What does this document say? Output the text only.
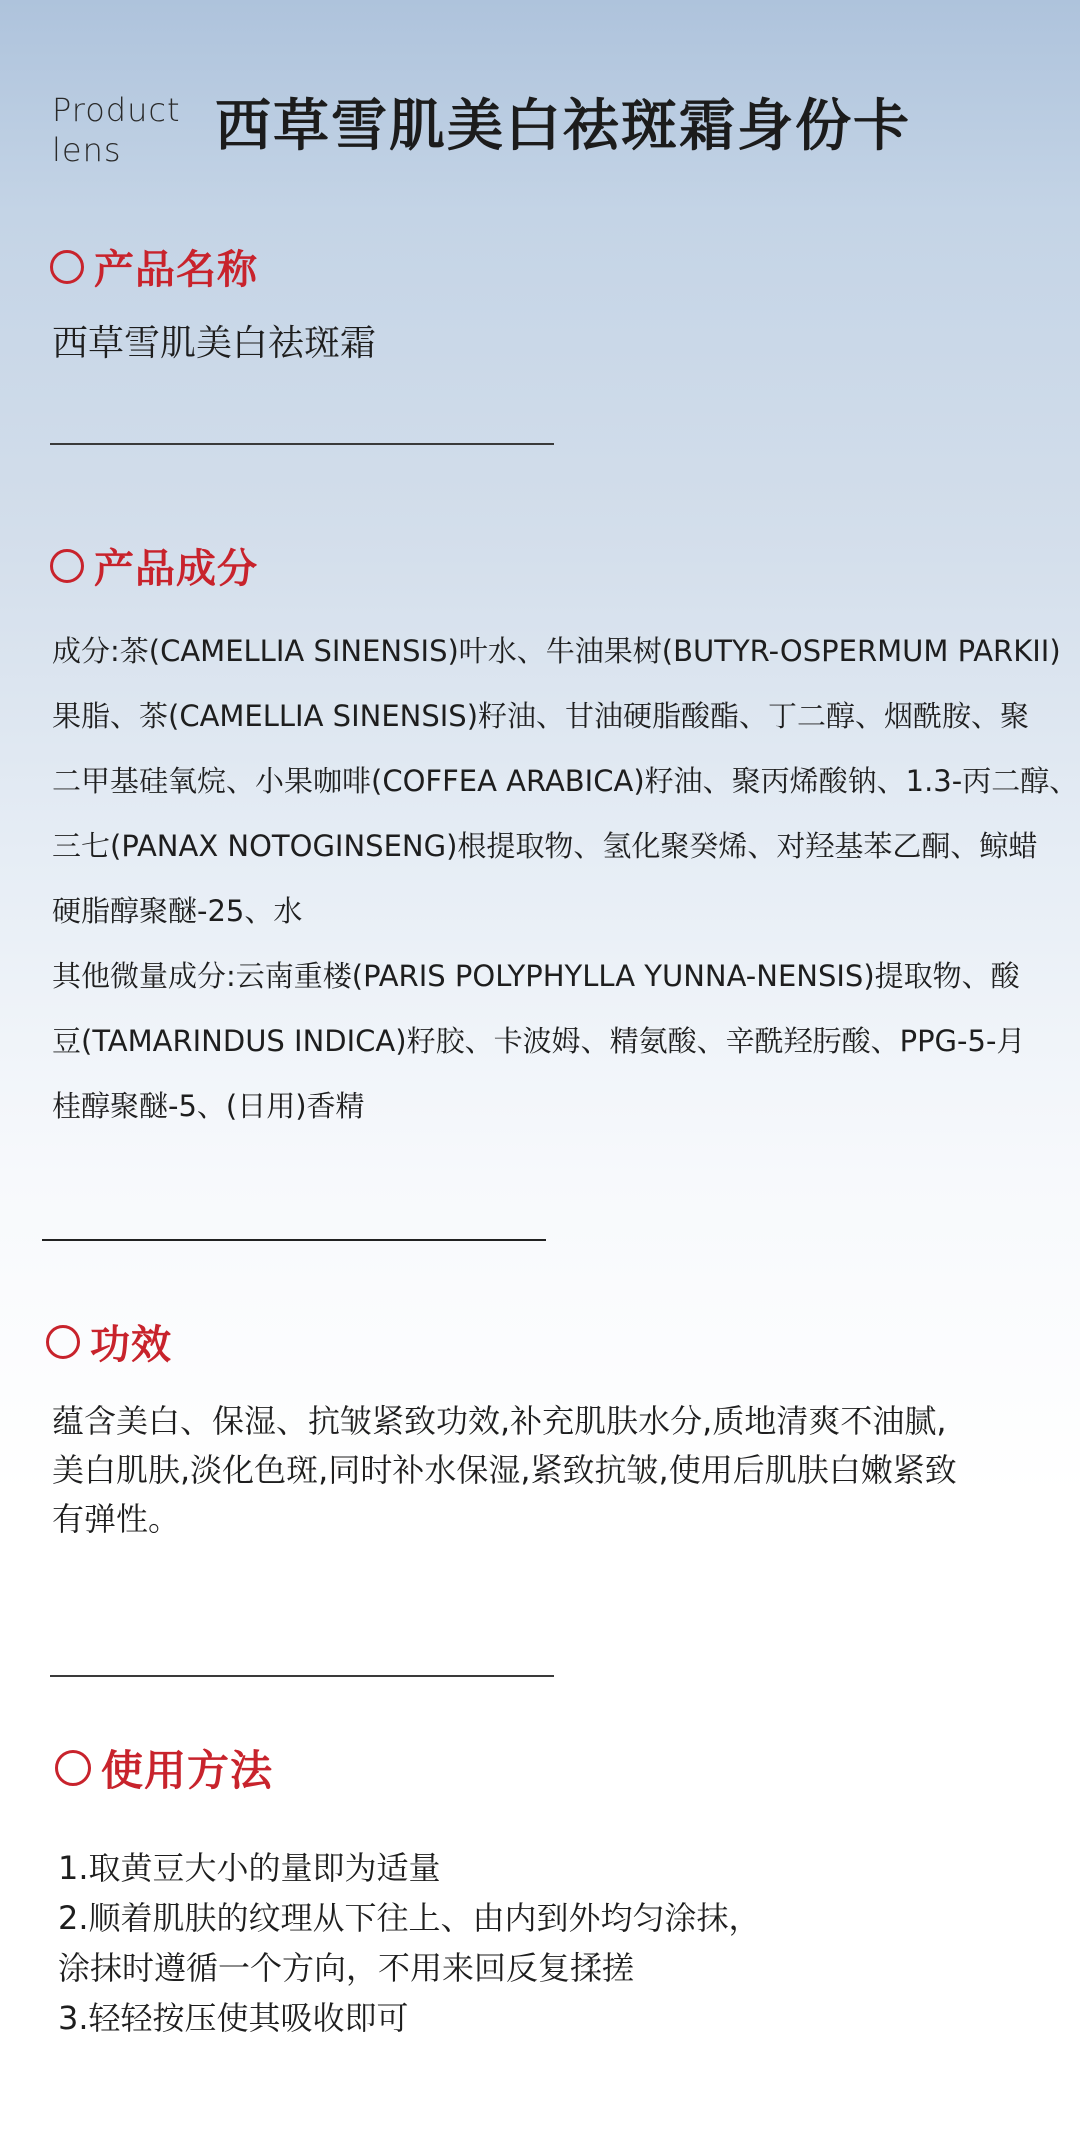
Product
lens	西草雪肌美白祛斑霜身份卡
产品名称
西草雪肌美白祛斑霜
产品成分
成分:茶(CAMELLIA SINENSIS)叶水、牛油果树(BUTYR-OSPERMUM PARKII)
果脂、茶(CAMELLIA SINENSIS)籽油、甘油硬脂酸酯、丁二醇、烟酰胺、聚
二甲基硅氧烷、小果咖啡(COFFEA ARABICA)籽油、聚丙烯酸钠、1.3-丙二醇、
三七(PANAX NOTOGINSENG)根提取物、氢化聚癸烯、对羟基苯乙酮、鲸蜡
硬脂醇聚醚-25、水
其他微量成分:云南重楼(PARIS POLYPHYLLA YUNNA-NENSIS)提取物、酸
豆(TAMARINDUS INDICA)籽胶、卡波姆、精氨酸、辛酰羟肟酸、PPG-5-月
桂醇聚醚-5、(日用)香精
功效
蕴含美白、保湿、抗皱紧致功效,补充肌肤水分,质地清爽不油腻,
美白肌肤,淡化色斑,同时补水保湿,紧致抗皱,使用后肌肤白嫩紧致
有弹性。
使用方法
1.取黄豆大小的量即为适量
2.顺着肌肤的纹理从下往上、由内到外均匀涂抹，
涂抹时遵循一个方向，不用来回反复揉搓
3.轻轻按压使其吸收即可
